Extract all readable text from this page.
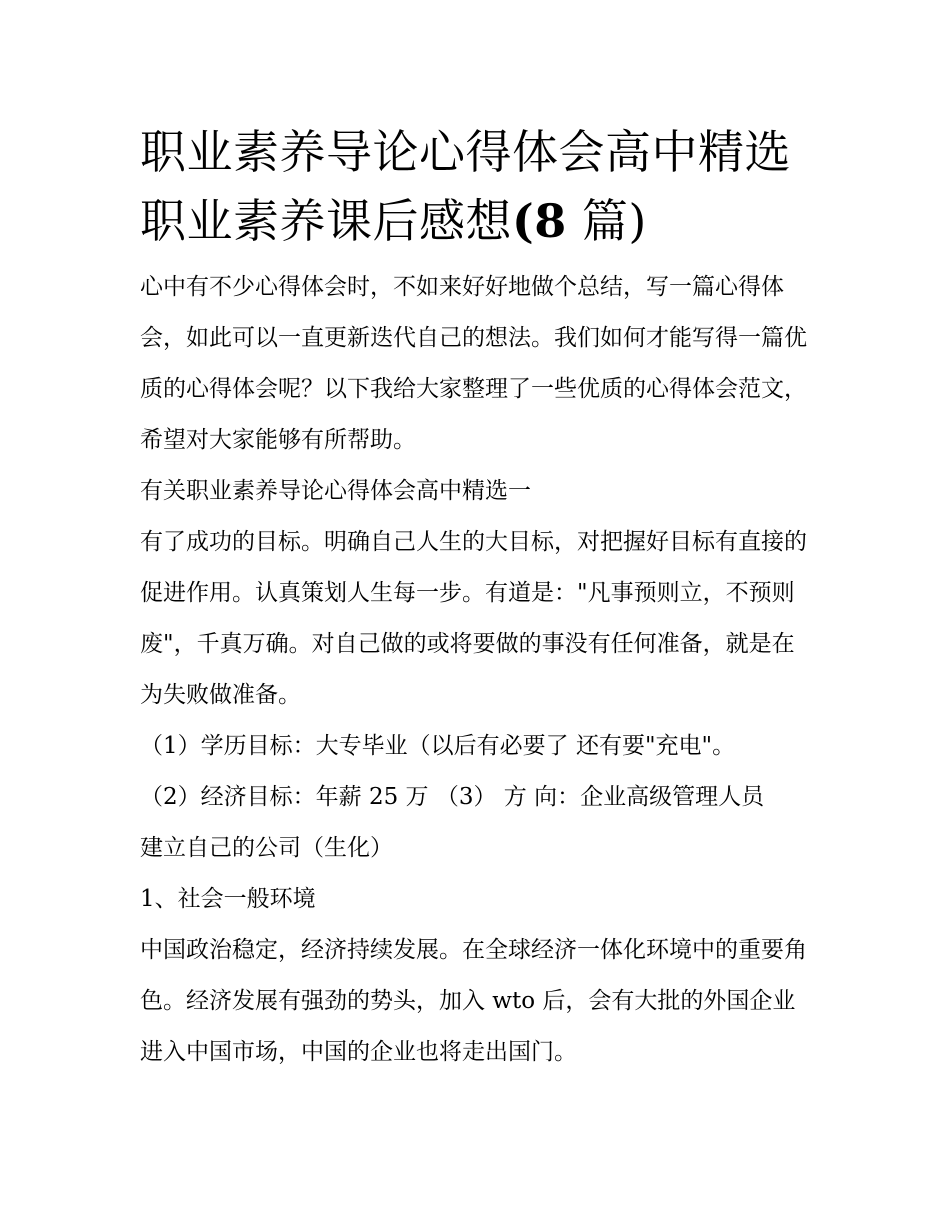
职业素养导论心得体会高中精选 职业素养课后感想(8 篇)

心中有不少心得体会时，不如来好好地做个总结，写一篇心得体会，如此可以一直更新迭代自己的想法。我们如何才能写得一篇优质的心得体会呢？以下我给大家整理了一些优质的心得体会范文，希望对大家能够有所帮助。

有关职业素养导论心得体会高中精选一

有了成功的目标。明确自己人生的大目标，对把握好目标有直接的促进作用。认真策划人生每一步。有道是："凡事预则立，不预则废"，千真万确。对自己做的或将要做的事没有任何准备，就是在为失败做准备。

（1）学历目标：大专毕业（以后有必要了 还有要"充电"。

（2）经济目标：年薪 25 万 （3） 方 向：企业高级管理人员

建立自己的公司（生化）

1、社会一般环境

中国政治稳定，经济持续发展。在全球经济一体化环境中的重要角色。经济发展有强劲的势头，加入 wto 后，会有大批的外国企业进入中国市场，中国的企业也将走出国门。
